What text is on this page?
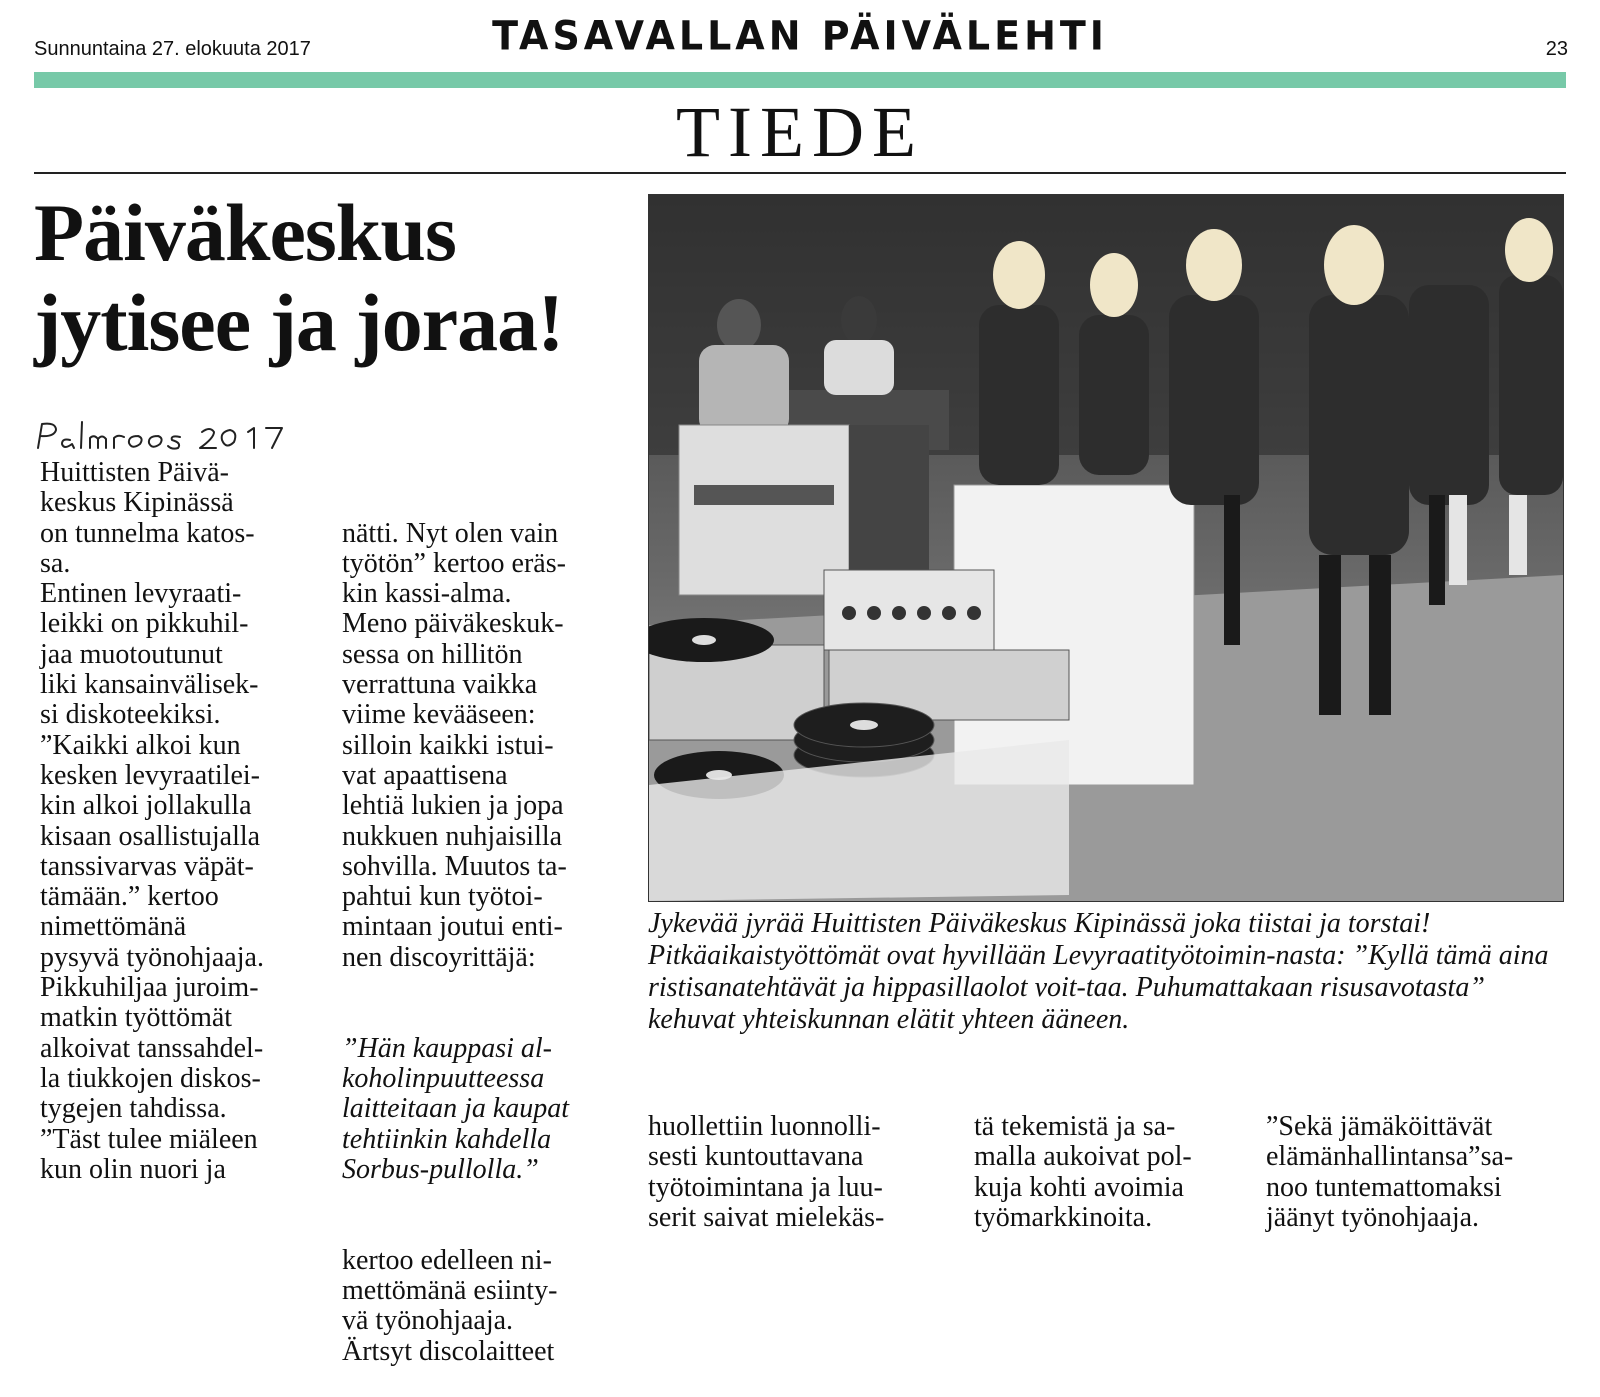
Sunnuntaina 27. elokuuta 2017	TASAVALLAN PÄIVÄLEHTI	23
TIEDE
Päiväkeskus
jytisee ja joraa!
Huittisten Päivä-
keskus Kipinässä
on tunnelma katos-
sa.
Entinen levyraati-
leikki on pikkuhil-
jaa muotoutunut
liki kansainvälisek-
si diskoteekiksi.
”Kaikki alkoi kun
kesken levyraatilei-
kin alkoi jollakulla
kisaan osallistujalla
tanssivarvas väpät-
tämään.” kertoo
nimettömänä
pysyvä työnohjaaja.
Pikkuhiljaa juroim-
matkin työttömät
alkoivat tanssahdel-
la tiukkojen diskos-
tygejen tahdissa.
”Täst tulee miäleen
kun olin nuori ja

nätti. Nyt olen vain
työtön” kertoo eräs-
kin kassi-alma.
Meno päiväkeskuk-
sessa on hillitön
verrattuna vaikka
viime kevääseen:
silloin kaikki istui-
vat apaattisena
lehtiä lukien ja jopa
nukkuen nuhjaisilla
sohvilla. Muutos ta-
pahtui kun työtoi-
mintaan joutui enti-
nen discoyrittäjä:

”Hän kauppasi al-
koholinpuutteessa
laitteitaan ja kaupat
tehtiinkin kahdella
Sorbus-pullolla.”

kertoo edelleen ni-
mettömänä esiinty-
vä työnohjaaja.
Ärtsyt discolaitteet

Jykevää jyrää Huittisten Päiväkeskus Kipinässä joka tiistai ja torstai! Pitkäaikaistyöttömät ovat hyvillään Levyraatityötoimin-nasta: ”Kyllä tämä aina ristisanatehtävät ja hippasillaolot voit-taa. Puhumattakaan risusavotasta” kehuvat yhteiskunnan elätit yhteen ääneen.
huollettiin luonnolli-
sesti kuntouttavana
työtoimintana ja luu-
serit saivat mielekäs-
tä tekemistä ja sa-
malla aukoivat pol-
kuja kohti avoimia
työmarkkinoita.
”Sekä jämäköittävät
elämänhallintansa”sa-
noo tuntemattomaksi
jäänyt työnohjaaja.
